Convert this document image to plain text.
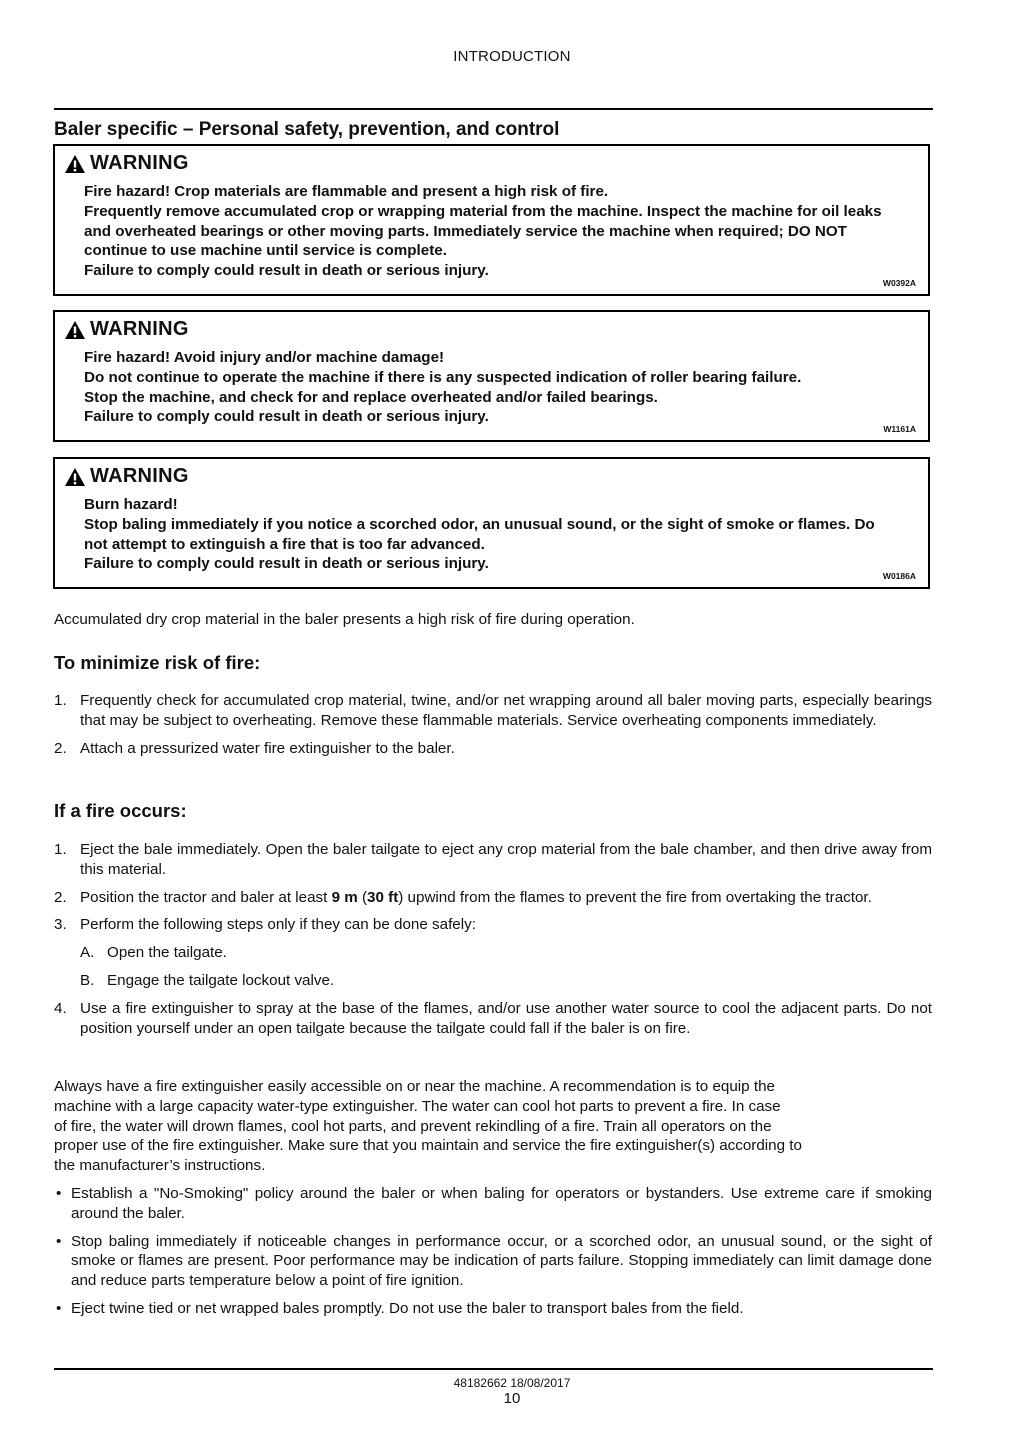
INTRODUCTION
Baler specific – Personal safety, prevention, and control
WARNING

Fire hazard! Crop materials are flammable and present a high risk of fire.

Frequently remove accumulated crop or wrapping material from the machine. Inspect the machine for oil leaks and overheated bearings or other moving parts. Immediately service the machine when required; DO NOT continue to use machine until service is complete.

Failure to comply could result in death or serious injury.

W0392A
WARNING

Fire hazard! Avoid injury and/or machine damage!

Do not continue to operate the machine if there is any suspected indication of roller bearing failure.

Stop the machine, and check for and replace overheated and/or failed bearings.

Failure to comply could result in death or serious injury.

W1161A
WARNING

Burn hazard!

Stop baling immediately if you notice a scorched odor, an unusual sound, or the sight of smoke or flames. Do not attempt to extinguish a fire that is too far advanced.

Failure to comply could result in death or serious injury.

W0186A
Accumulated dry crop material in the baler presents a high risk of fire during operation.
To minimize risk of fire:
1. Frequently check for accumulated crop material, twine, and/or net wrapping around all baler moving parts, especially bearings that may be subject to overheating. Remove these flammable materials. Service overheating components immediately.
2. Attach a pressurized water fire extinguisher to the baler.
If a fire occurs:
1. Eject the bale immediately. Open the baler tailgate to eject any crop material from the bale chamber, and then drive away from this material.
2. Position the tractor and baler at least 9 m (30 ft) upwind from the flames to prevent the fire from overtaking the tractor.
3. Perform the following steps only if they can be done safely:
A. Open the tailgate.
B. Engage the tailgate lockout valve.
4. Use a fire extinguisher to spray at the base of the flames, and/or use another water source to cool the adjacent parts. Do not position yourself under an open tailgate because the tailgate could fall if the baler is on fire.
Always have a fire extinguisher easily accessible on or near the machine. A recommendation is to equip the
machine with a large capacity water-type extinguisher. The water can cool hot parts to prevent a fire. In case
of fire, the water will drown flames, cool hot parts, and prevent rekindling of a fire. Train all operators on the
proper use of the fire extinguisher. Make sure that you maintain and service the fire extinguisher(s) according to
the manufacturer’s instructions.
• Establish a "No-Smoking" policy around the baler or when baling for operators or bystanders. Use extreme care if smoking around the baler.
• Stop baling immediately if noticeable changes in performance occur, or a scorched odor, an unusual sound, or the sight of smoke or flames are present. Poor performance may be indication of parts failure. Stopping immediately can limit damage done and reduce parts temperature below a point of fire ignition.
• Eject twine tied or net wrapped bales promptly. Do not use the baler to transport bales from the field.
48182662 18/08/2017
10
